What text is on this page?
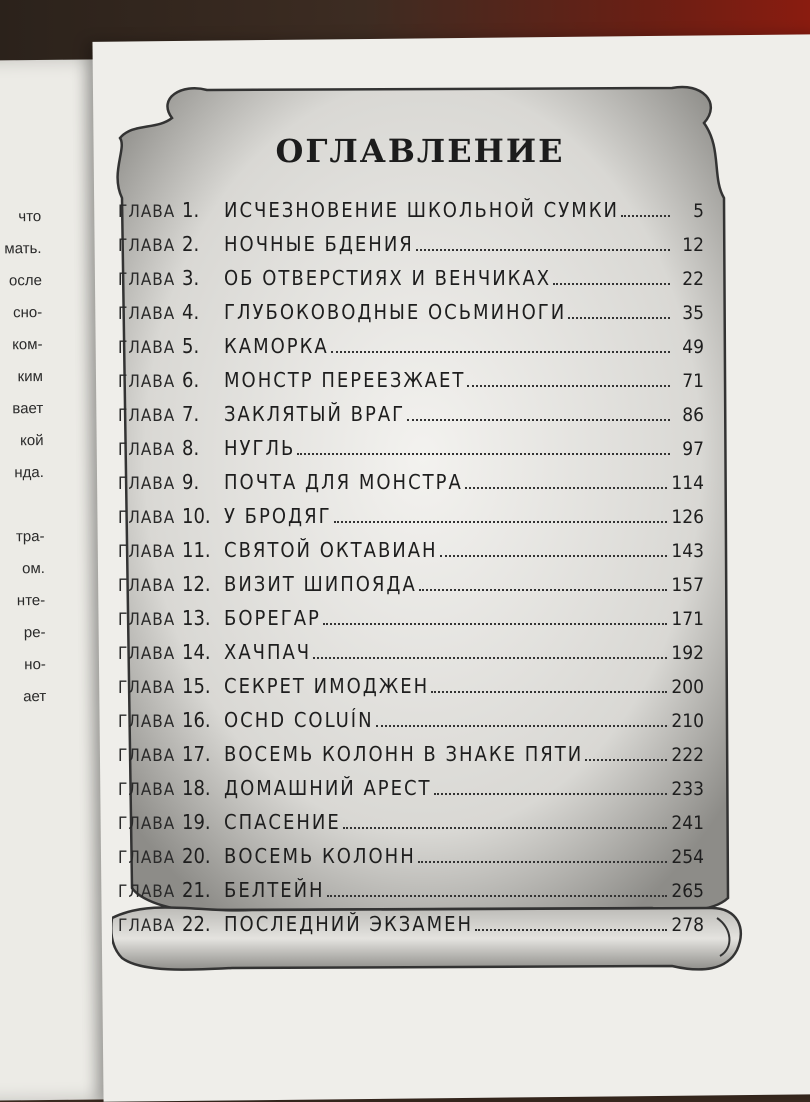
что
мать.
осле
сно-
ком-
ким
вает
кой
нда.
тра-
ом.
нте-
ре-
но-
ает
ОГЛАВЛЕНИЕ
ГЛАВА 1.	ИСЧЕЗНОВЕНИЕ ШКОЛЬНОЙ СУМКИ	5
ГЛАВА 2.	НОЧНЫЕ БДЕНИЯ	12
ГЛАВА 3.	ОБ ОТВЕРСТИЯХ И ВЕНЧИКАХ	22
ГЛАВА 4.	ГЛУБОКОВОДНЫЕ ОСЬМИНОГИ	35
ГЛАВА 5.	КАМОРКА	49
ГЛАВА 6.	МОНСТР ПЕРЕЕЗЖАЕТ	71
ГЛАВА 7.	ЗАКЛЯТЫЙ ВРАГ	86
ГЛАВА 8.	НУГЛЬ	97
ГЛАВА 9.	ПОЧТА ДЛЯ МОНСТРА	114
ГЛАВА 10. У БРОДЯГ	126
ГЛАВА 11. СВЯТОЙ ОКТАВИАН	143
ГЛАВА 12. ВИЗИТ ШИПОЯДА	157
ГЛАВА 13. БОРЕГАР	171
ГЛАВА 14. ХАЧПАЧ	192
ГЛАВА 15. СЕКРЕТ ИМОДЖЕН	200
ГЛАВА 16. OCHD COLUÍN	210
ГЛАВА 17. ВОСЕМЬ КОЛОНН В ЗНАКЕ ПЯТИ	222
ГЛАВА 18. ДОМАШНИЙ АРЕСТ	233
ГЛАВА 19. СПАСЕНИЕ	241
ГЛАВА 20. ВОСЕМЬ КОЛОНН	254
ГЛАВА 21. БЕЛТЕЙН	265
ГЛАВА 22. ПОСЛЕДНИЙ ЭКЗАМЕН	278
